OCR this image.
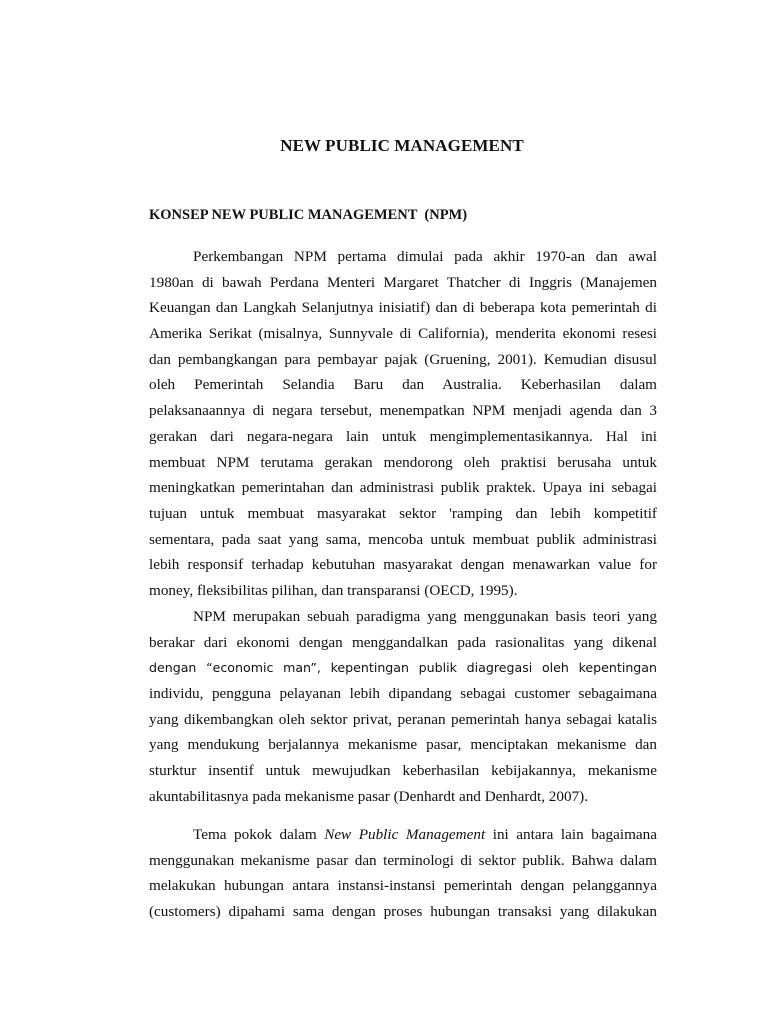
NEW PUBLIC MANAGEMENT
KONSEP NEW PUBLIC MANAGEMENT  (NPM)
Perkembangan NPM pertama dimulai pada akhir 1970-an dan awal
1980an di bawah Perdana Menteri Margaret Thatcher di Inggris (Manajemen
Keuangan dan Langkah Selanjutnya inisiatif) dan di beberapa kota pemerintah di
Amerika Serikat (misalnya, Sunnyvale di California), menderita ekonomi resesi
dan pembangkangan para pembayar pajak (Gruening, 2001). Kemudian disusul
oleh Pemerintah Selandia Baru dan Australia. Keberhasilan dalam
pelaksanaannya di negara tersebut, menempatkan NPM menjadi agenda dan 3
gerakan dari negara-negara lain untuk mengimplementasikannya. Hal ini
membuat NPM terutama gerakan mendorong oleh praktisi berusaha untuk
meningkatkan pemerintahan dan administrasi publik praktek. Upaya ini sebagai
tujuan untuk membuat masyarakat sektor 'ramping dan lebih kompetitif
sementara, pada saat yang sama, mencoba untuk membuat publik administrasi
lebih responsif terhadap kebutuhan masyarakat dengan menawarkan value for
money, fleksibilitas pilihan, dan transparansi (OECD, 1995).
NPM merupakan sebuah paradigma yang menggunakan basis teori yang
berakar dari ekonomi dengan menggandalkan pada rasionalitas yang dikenal
dengan “economic man”, kepentingan publik diagregasi oleh kepentingan
individu, pengguna pelayanan lebih dipandang sebagai customer sebagaimana
yang dikembangkan oleh sektor privat, peranan pemerintah hanya sebagai katalis
yang mendukung berjalannya mekanisme pasar, menciptakan mekanisme dan
sturktur insentif untuk mewujudkan keberhasilan kebijakannya, mekanisme
akuntabilitasnya pada mekanisme pasar (Denhardt and Denhardt, 2007).
Tema pokok dalam New Public Management ini antara lain bagaimana
menggunakan mekanisme pasar dan terminologi di sektor publik. Bahwa dalam
melakukan hubungan antara instansi-instansi pemerintah dengan pelanggannya
(customers) dipahami sama dengan proses hubungan transaksi yang dilakukan
